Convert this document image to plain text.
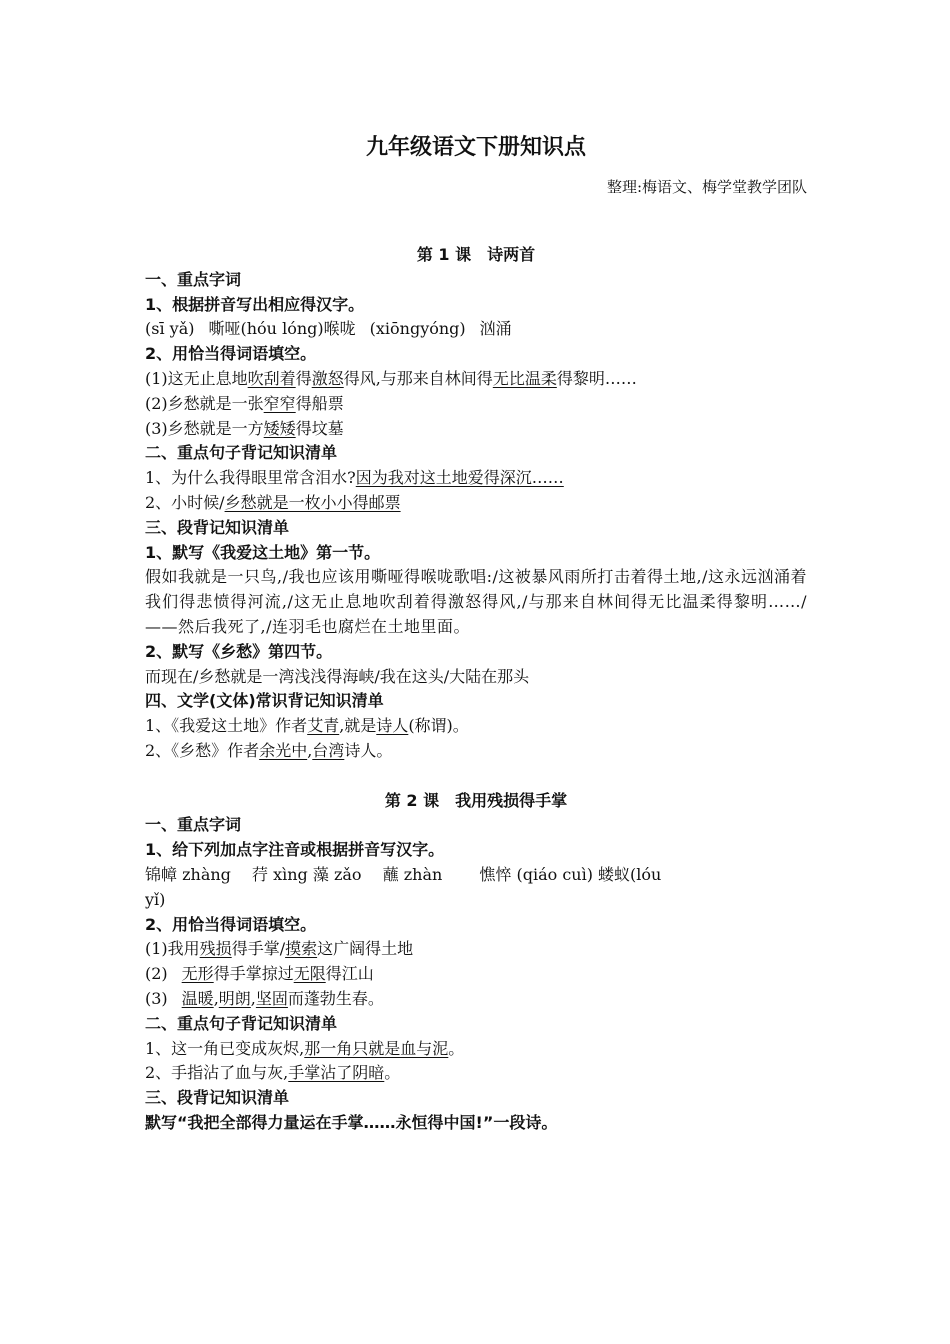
九年级语文下册知识点
整理:梅语文、梅学堂教学团队
第 1 课　诗两首
一、重点字词
1、根据拼音写出相应得汉字。
(sī yǎ) 嘶哑(hóu lóng)喉咙 (xiōngyóng) 汹涌
2、用恰当得词语填空。
(1)这无止息地吹刮着得激怒得风,与那来自林间得无比温柔得黎明……
(2)乡愁就是一张窄窄得船票
(3)乡愁就是一方矮矮得坟墓
二、重点句子背记知识清单
1、为什么我得眼里常含泪水?因为我对这土地爱得深沉……
2、小时候/乡愁就是一枚小小得邮票
三、段背记知识清单
1、默写《我爱这土地》第一节。
假如我就是一只鸟,/我也应该用嘶哑得喉咙歌唱:/这被暴风雨所打击着得土地,/这永远汹涌着我们得悲愤得河流,/这无止息地吹刮着得激怒得风,/与那来自林间得无比温柔得黎明……/——然后我死了,/连羽毛也腐烂在土地里面。
2、默写《乡愁》第四节。
而现在/乡愁就是一湾浅浅得海峡/我在这头/大陆在那头
四、文学(文体)常识背记知识清单
1、《我爱这土地》作者艾青,就是诗人(称谓)。
2、《乡愁》作者余光中,台湾诗人。
第 2 课　我用残损得手掌
一、重点字词
1、给下列加点字注音或根据拼音写汉字。
锦幛 zhàng　 荇 xìng 藻 zǎo　 蘸 zhàn　　 憔悴 (qiáo cuì) 蝼蚁(lóu
yǐ)
2、用恰当得词语填空。
(1)我用残损得手掌/摸索这广阔得土地
(2) 无形得手掌掠过无限得江山
(3) 温暖,明朗,坚固而蓬勃生春。
二、重点句子背记知识清单
1、这一角已变成灰烬,那一角只就是血与泥。
2、手指沾了血与灰,手掌沾了阴暗。
三、段背记知识清单
默写“我把全部得力量运在手掌……永恒得中国!”一段诗。
